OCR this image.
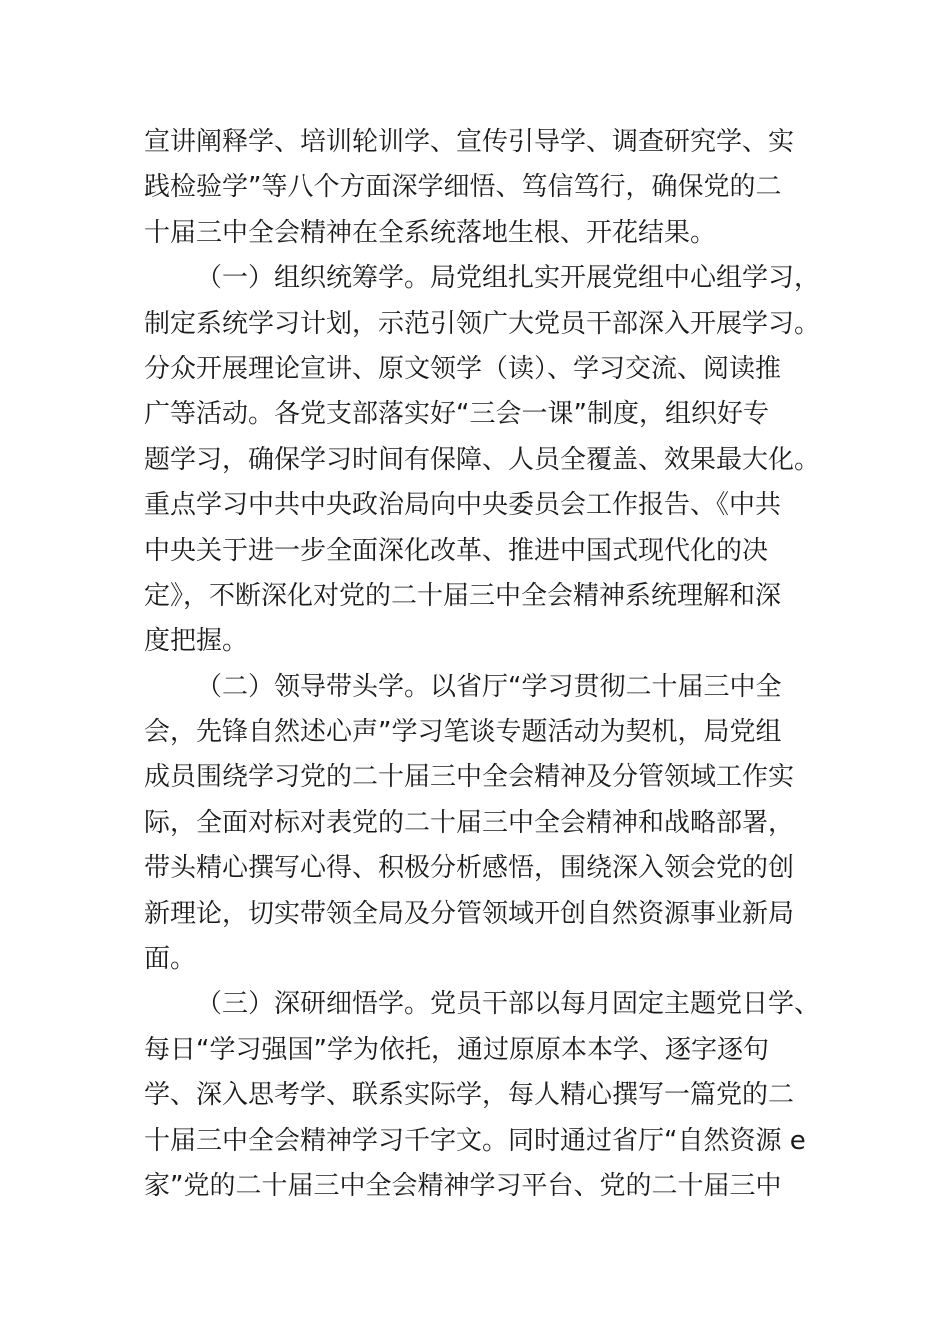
宣讲阐释学、培训轮训学、宣传引导学、调查研究学、实
践检验学”等八个方面深学细悟、笃信笃行，确保党的二
十届三中全会精神在全系统落地生根、开花结果。
（一）组织统筹学。局党组扎实开展党组中心组学习，
制定系统学习计划，示范引领广大党员干部深入开展学习。
分众开展理论宣讲、原文领学（读）、学习交流、阅读推
广等活动。各党支部落实好“三会一课”制度，组织好专
题学习，确保学习时间有保障、人员全覆盖、效果最大化。
重点学习中共中央政治局向中央委员会工作报告、《中共
中央关于进一步全面深化改革、推进中国式现代化的决
定》，不断深化对党的二十届三中全会精神系统理解和深
度把握。
（二）领导带头学。以省厅“学习贯彻二十届三中全
会，先锋自然述心声”学习笔谈专题活动为契机，局党组
成员围绕学习党的二十届三中全会精神及分管领域工作实
际，全面对标对表党的二十届三中全会精神和战略部署，
带头精心撰写心得、积极分析感悟，围绕深入领会党的创
新理论，切实带领全局及分管领域开创自然资源事业新局
面。
（三）深研细悟学。党员干部以每月固定主题党日学、
每日“学习强国”学为依托，通过原原本本学、逐字逐句
学、深入思考学、联系实际学，每人精心撰写一篇党的二
十届三中全会精神学习千字文。同时通过省厅“自然资源 e
家”党的二十届三中全会精神学习平台、党的二十届三中
